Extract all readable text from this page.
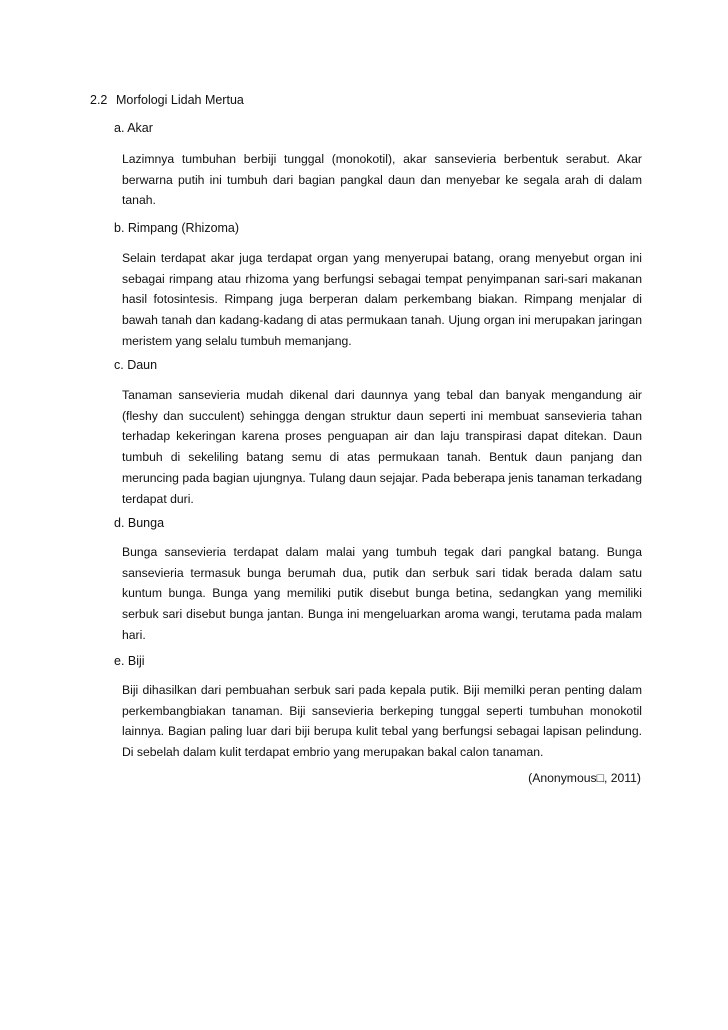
2.2 Morfologi Lidah Mertua
a. Akar

Lazimnya tumbuhan berbiji tunggal (monokotil), akar sansevieria berbentuk serabut. Akar berwarna putih ini tumbuh dari bagian pangkal daun dan menyebar ke segala arah di dalam tanah.

b. Rimpang (Rhizoma)

Selain terdapat akar juga terdapat organ yang menyerupai batang, orang menyebut organ ini sebagai rimpang atau rhizoma yang berfungsi sebagai tempat penyimpanan sari-sari makanan hasil fotosintesis. Rimpang juga berperan dalam perkembang biakan. Rimpang menjalar di bawah tanah dan kadang-kadang di atas permukaan tanah. Ujung organ ini merupakan jaringan meristem yang selalu tumbuh memanjang.

c. Daun

Tanaman sansevieria mudah dikenal dari daunnya yang tebal dan banyak mengandung air (fleshy dan succulent) sehingga dengan struktur daun seperti ini membuat sansevieria tahan terhadap kekeringan karena proses penguapan air dan laju transpirasi dapat ditekan. Daun tumbuh di sekeliling batang semu di atas permukaan tanah. Bentuk daun panjang dan meruncing pada bagian ujungnya. Tulang daun sejajar. Pada beberapa jenis tanaman terkadang terdapat duri.

d. Bunga

Bunga sansevieria terdapat dalam malai yang tumbuh tegak dari pangkal batang. Bunga sansevieria termasuk bunga berumah dua, putik dan serbuk sari tidak berada dalam satu kuntum bunga. Bunga yang memiliki putik disebut bunga betina, sedangkan yang memiliki serbuk sari disebut bunga jantan. Bunga ini mengeluarkan aroma wangi, terutama pada malam hari.

e. Biji

Biji dihasilkan dari pembuahan serbuk sari pada kepala putik. Biji memilki peran penting dalam perkembangbiakan tanaman. Biji sansevieria berkeping tunggal seperti tumbuhan monokotil lainnya. Bagian paling luar dari biji berupa kulit tebal yang berfungsi sebagai lapisan pelindung. Di sebelah dalam kulit terdapat embrio yang merupakan bakal calon tanaman.

(Anonymous□, 2011)
